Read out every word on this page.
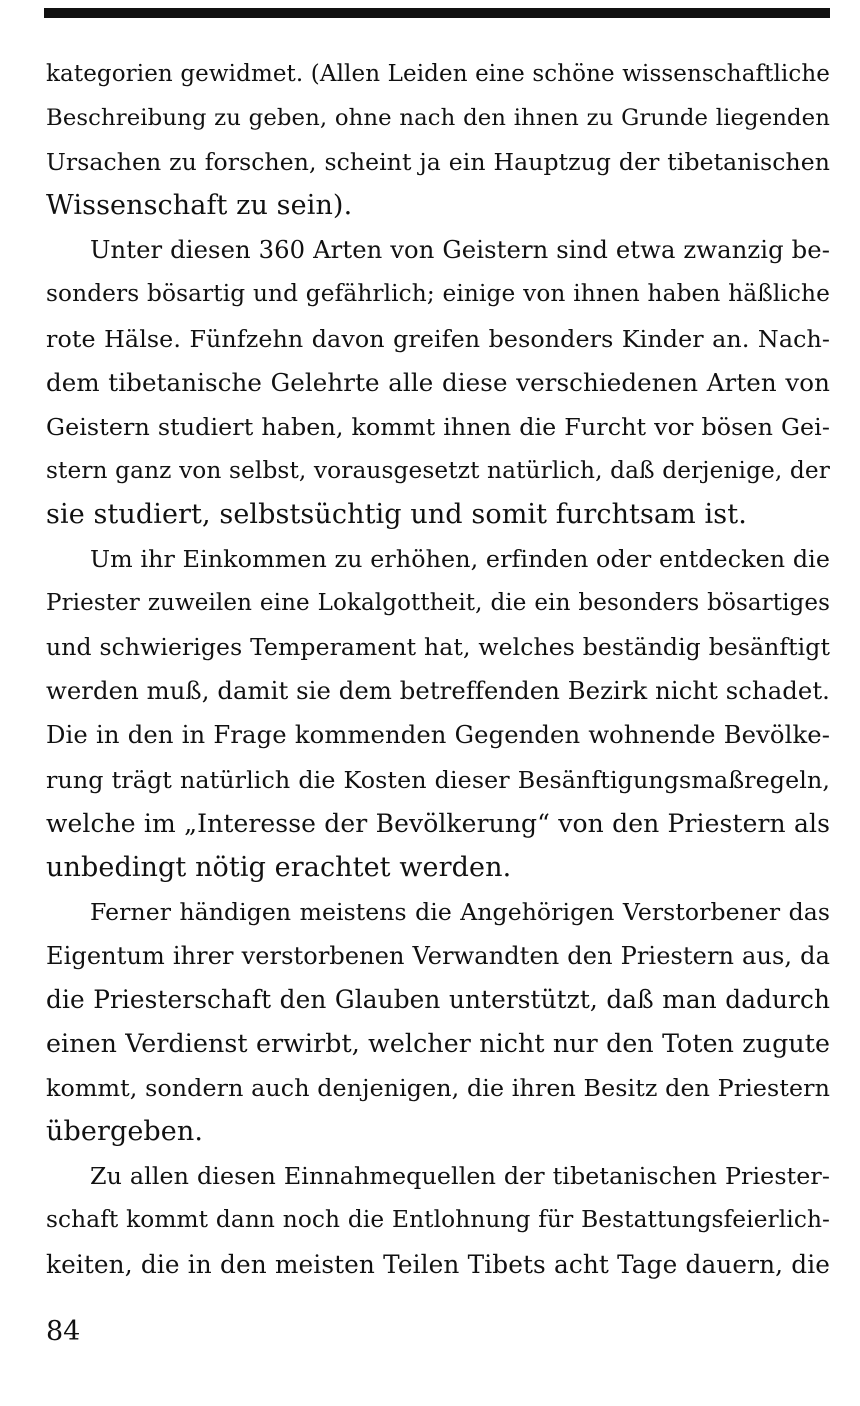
kategorien gewidmet. (Allen Leiden eine schöne wissenschaftliche
Beschreibung zu geben, ohne nach den ihnen zu Grunde liegenden
Ursachen zu forschen, scheint ja ein Hauptzug der tibetanischen
Wissenschaft zu sein).

Unter diesen 360 Arten von Geistern sind etwa zwanzig be-
sonders bösartig und gefährlich; einige von ihnen haben häßliche
rote Hälse. Fünfzehn davon greifen besonders Kinder an. Nach-
dem tibetanische Gelehrte alle diese verschiedenen Arten von
Geistern studiert haben, kommt ihnen die Furcht vor bösen Gei-
stern ganz von selbst, vorausgesetzt natürlich, daß derjenige, der
sie studiert, selbstsüchtig und somit furchtsam ist.

Um ihr Einkommen zu erhöhen, erfinden oder entdecken die
Priester zuweilen eine Lokalgottheit, die ein besonders bösartiges
und schwieriges Temperament hat, welches beständig besänftigt
werden muß, damit sie dem betreffenden Bezirk nicht schadet.
Die in den in Frage kommenden Gegenden wohnende Bevölke-
rung trägt natürlich die Kosten dieser Besänftigungsmaßregeln,
welche im „Interesse der Bevölkerung“ von den Priestern als
unbedingt nötig erachtet werden.

Ferner händigen meistens die Angehörigen Verstorbener das
Eigentum ihrer verstorbenen Verwandten den Priestern aus, da
die Priesterschaft den Glauben unterstützt, daß man dadurch
einen Verdienst erwirbt, welcher nicht nur den Toten zugute
kommt, sondern auch denjenigen, die ihren Besitz den Priestern
übergeben.

Zu allen diesen Einnahmequellen der tibetanischen Priester-
schaft kommt dann noch die Entlohnung für Bestattungsfeierlich-
keiten, die in den meisten Teilen Tibets acht Tage dauern, die

84
